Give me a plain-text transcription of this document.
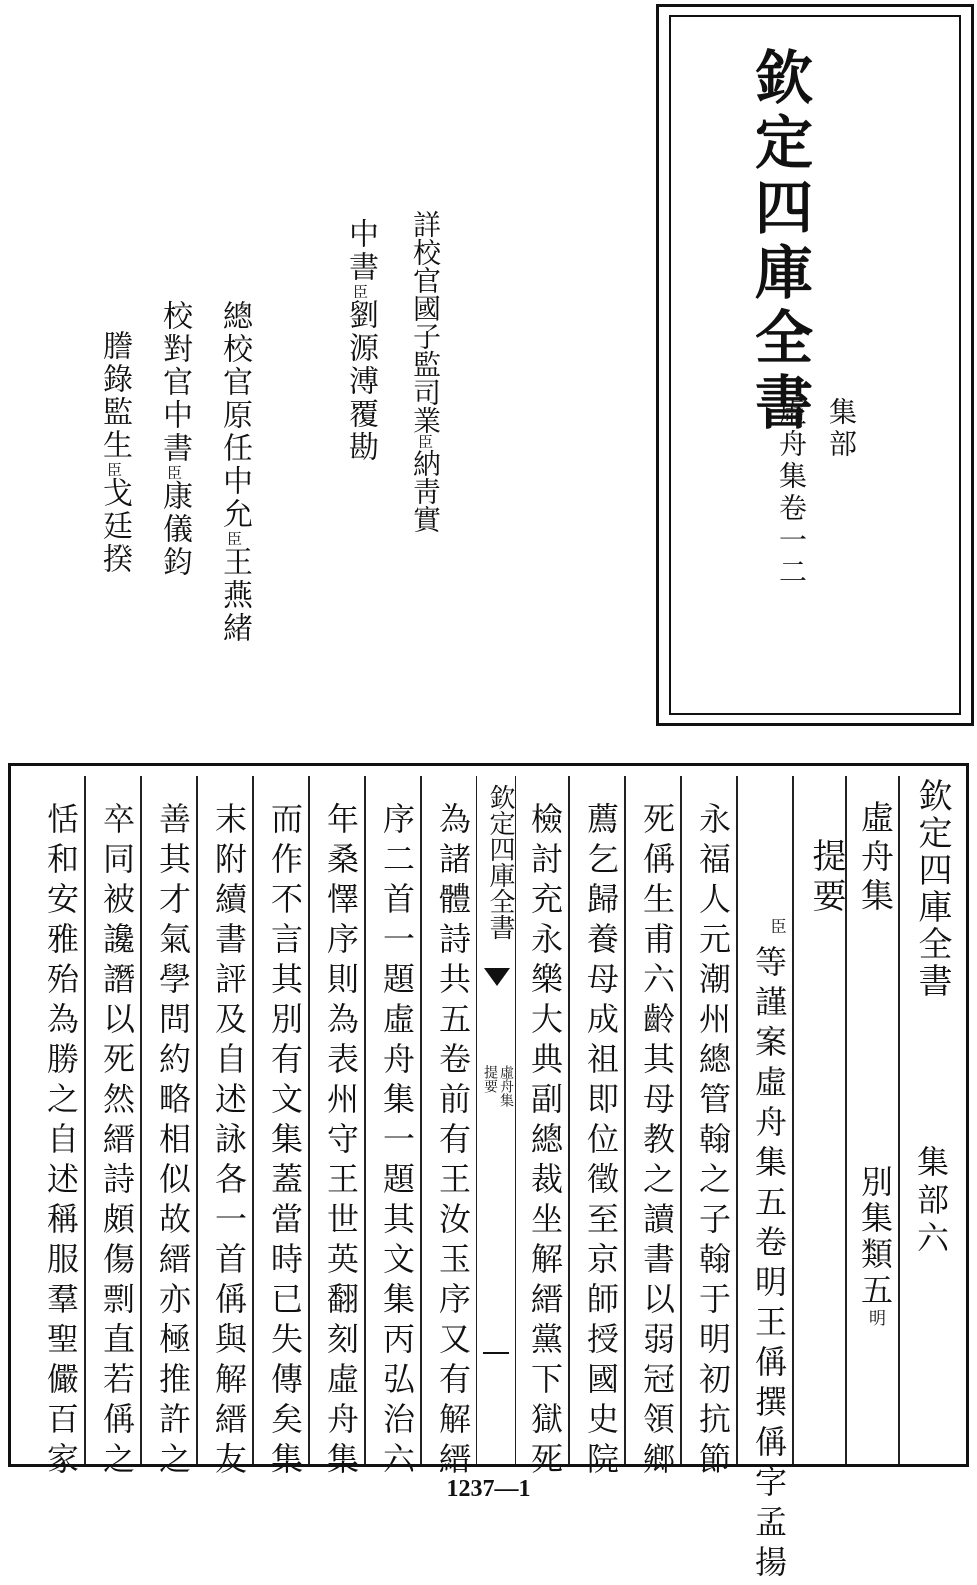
欽定四庫全書 集部
虛舟集卷一二
詳校官國子監司業臣納靑實
中書臣劉源溥覆勘
總校官原任中允臣王燕緒
校對官中書臣康儀鈞
謄錄監生臣戈廷揆
欽定四庫全書
集部六
虛舟集
別集類五明
提要
臣
等謹案虛舟集五卷明王偁撰偁字孟揚
永福人元潮州總管翰之子翰于明初抗節
死偁生甫六齡其母教之讀書以弱冠領鄉
薦乞歸養母成祖即位徵至京師授國史院
檢討充永樂大典副總裁坐解縉黨下獄死
為諸體詩共五卷前有王汝玉序又有解縉
序二首一題虛舟集一題其文集丙弘治六
年桑懌序則為表州守王世英翻刻虛舟集
而作不言其別有文集蓋當時已失傳矣集
末附續書評及自述詠各一首偁與解縉友
善其才氣學問約略相似故縉亦極推許之
卒同被讒譖以死然縉詩頗傷剽直若偁之
恬和安雅殆為勝之自述稱服羣聖儼百家	欽定四庫全書
虛舟集
提要
1237—1
